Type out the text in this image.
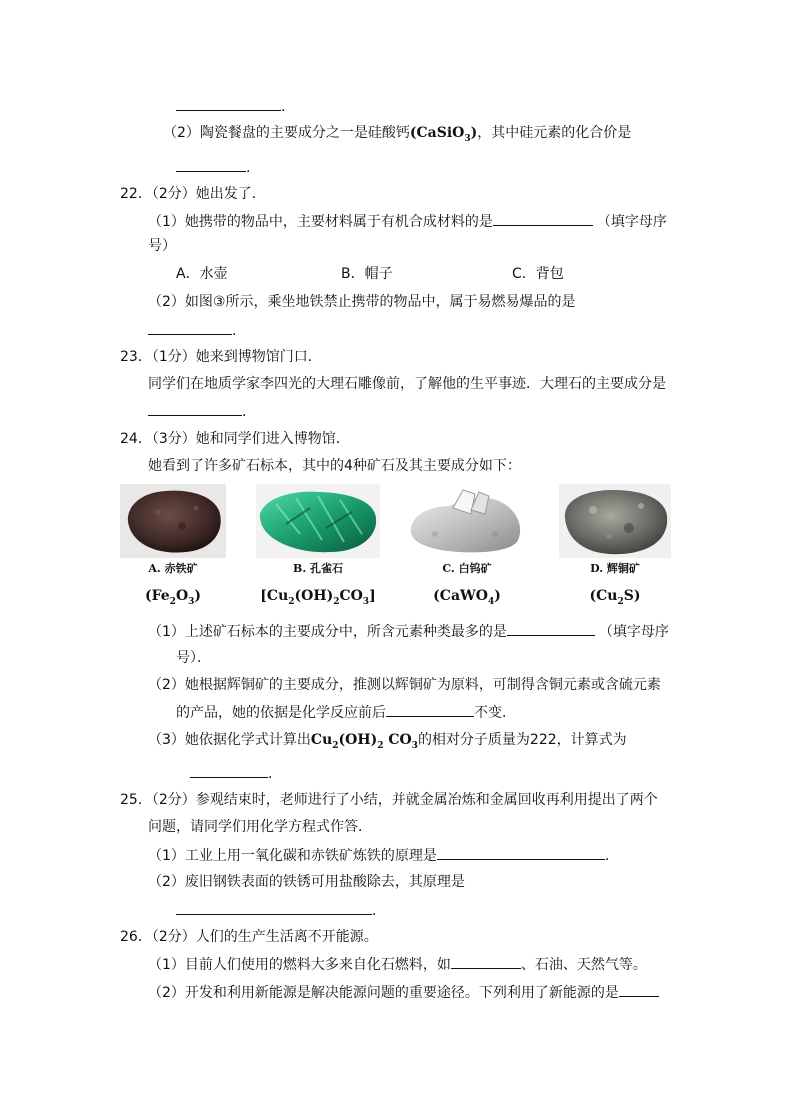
.
（2）陶瓷餐盘的主要成分之一是硅酸钙(CaSiO$_3$)，其中硅元素的化合价是
.
22．（2分）她出发了．
（1）她携带的物品中，主要材料属于有机合成材料的是	（填字母序
号）
A．水壶	B．帽子	C．背包
（2）如图③所示，乘坐地铁禁止携带的物品中，属于易燃易爆品的是
.
23．（1分）她来到博物馆门口．
同学们在地质学家李四光的大理石雕像前，了解他的生平事迹．大理石的主要成分是
.
24．（3分）她和同学们进入博物馆．
她看到了许多矿石标本，其中的4种矿石及其主要成分如下：
A. 赤铁矿
$(Fe_2O_3)$
B. 孔雀石
$[Cu_2(OH)_2CO_3]$
C. 白钨矿
(CaWO$_4$)
D. 辉铜矿
$(Cu_2S)$
（1）上述矿石标本的主要成分中，所含元素种类最多的是	（填字母序
号）．
（2）她根据辉铜矿的主要成分，推测以辉铜矿为原料，可制得含铜元素或含硫元素
的产品，她的依据是化学反应前后	不变．
（3）她依据化学式计算出$Cu_2(OH)_2$ $CO_3$的相对分子质量为222，计算式为
.
25．（2分）参观结束时，老师进行了小结，并就金属冶炼和金属回收再利用提出了两个
问题，请同学们用化学方程式作答．
（1）工业上用一氧化碳和赤铁矿炼铁的原理是	.
（2）废旧钢铁表面的铁锈可用盐酸除去，其原理是
.
26．（2分）人们的生产生活离不开能源。
（1）目前人们使用的燃料大多来自化石燃料，如	、石油、天然气等。
（2）开发和利用新能源是解决能源问题的重要途径。下列利用了新能源的是
